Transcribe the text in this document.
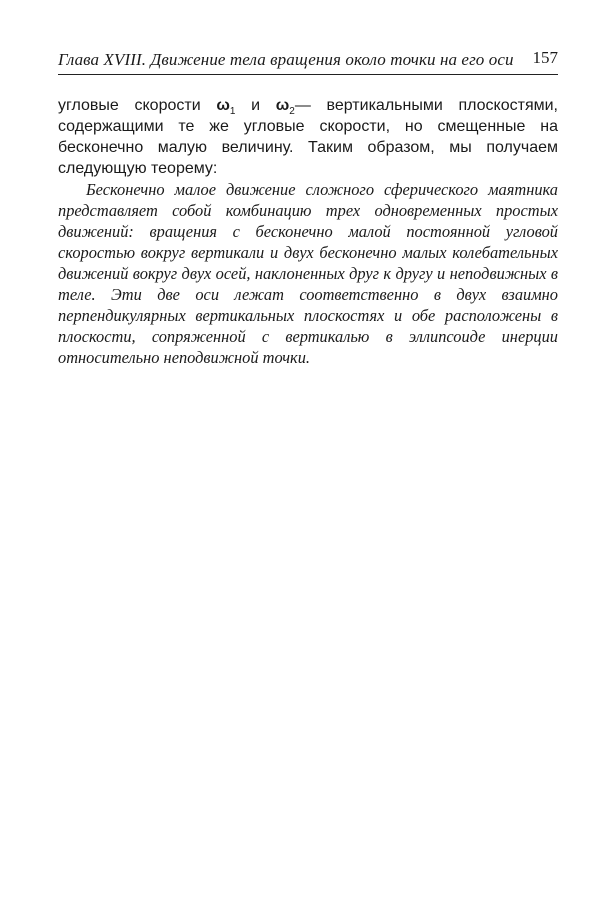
Глава XVIII. Движение тела вращения около точки на его оси 157

угловые скорости $\omega_1$ и $\omega_2—$ вертикальными плоскостями, содержащими те же угловые скорости, но смещенные на бесконечно малую величину. Таким образом, мы получаем следующую теорему:

Бесконечно малое движение сложного сферического маятника представляет собой комбинацию трех одновременных простых движений: вращения с бесконечно малой постоянной угловой скоростью вокруг вертикали и двух бесконечно малых колебательных движений вокруг двух осей, наклоненных друг к другу и неподвижных в теле. Эти две оси лежат соответственно в двух взаимно перпендикулярных вертикальных плоскостях и обе расположены в плоскости, сопряженной с вертикалью в эллипсоиде инерции относительно неподвижной точки.
